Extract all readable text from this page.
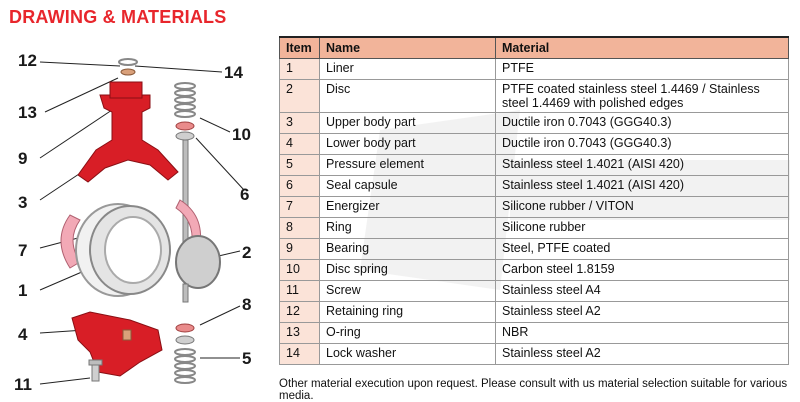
DRAWING & MATERIALS
12
14
13
10
9
6
3
7	2
1
8
4
5
11
Item	Name	Material
1	Liner	PTFE
2	Disc	PTFE coated stainless steel 1.4469 / Stainless steel 1.4469 with polished edges
3	Upper body part	Ductile iron 0.7043 (GGG40.3)
4	Lower body part	Ductile iron 0.7043 (GGG40.3)
5	Pressure element	Stainless steel 1.4021 (AISI 420)
6	Seal capsule	Stainless steel 1.4021 (AISI 420)
7	Energizer	Silicone rubber / VITON
8	Ring	Silicone rubber
9	Bearing	Steel, PTFE coated
10	Disc spring	Carbon steel 1.8159
11	Screw	Stainless steel A4
12	Retaining ring	Stainless steel A2
13	O-ring	NBR
14	Lock washer	Stainless steel A2
Other material execution upon request. Please consult with us material selection suitable for various media.
